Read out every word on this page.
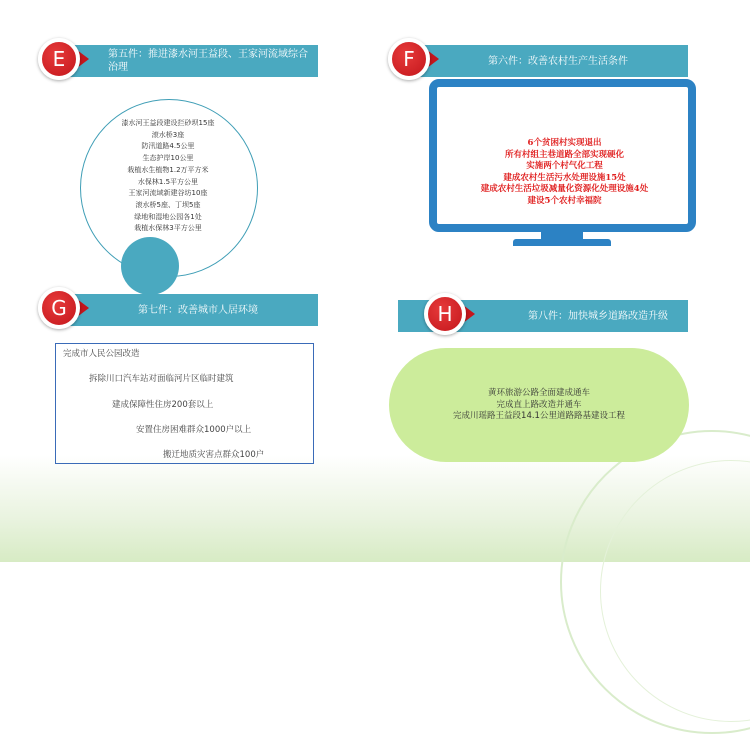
第五件：推进漆水河王益段、王家河流域综合治理
E
漆水河王益段建设拦砂坝15座
滚水桥3座
防汛道路4.5公里
生态护岸10公里
栽植水生植物1.2万平方米
水保林1.5平方公里
王家河流域新建谷坊10座
滚水桥5座、丁坝5座
绿地和湿地公园各1处
栽植水保林3平方公里
第六件：改善农村生产生活条件
F
6个贫困村实现退出
所有村组主巷道路全部实现硬化
实施两个村气化工程
建成农村生活污水处理设施15处
建成农村生活垃圾减量化资源化处理设施4处
建设5个农村幸福院
第七件：改善城市人居环境
G
完成市人民公园改造
拆除川口汽车站对面临河片区临时建筑
建成保障性住房200套以上
安置住房困难群众1000户以上
搬迁地质灾害点群众100户
第八件：加快城乡道路改造升级
H
黄环旅游公路全面建成通车
完成直上路改造并通车
完成川瑶路王益段14.1公里道路路基建设工程
